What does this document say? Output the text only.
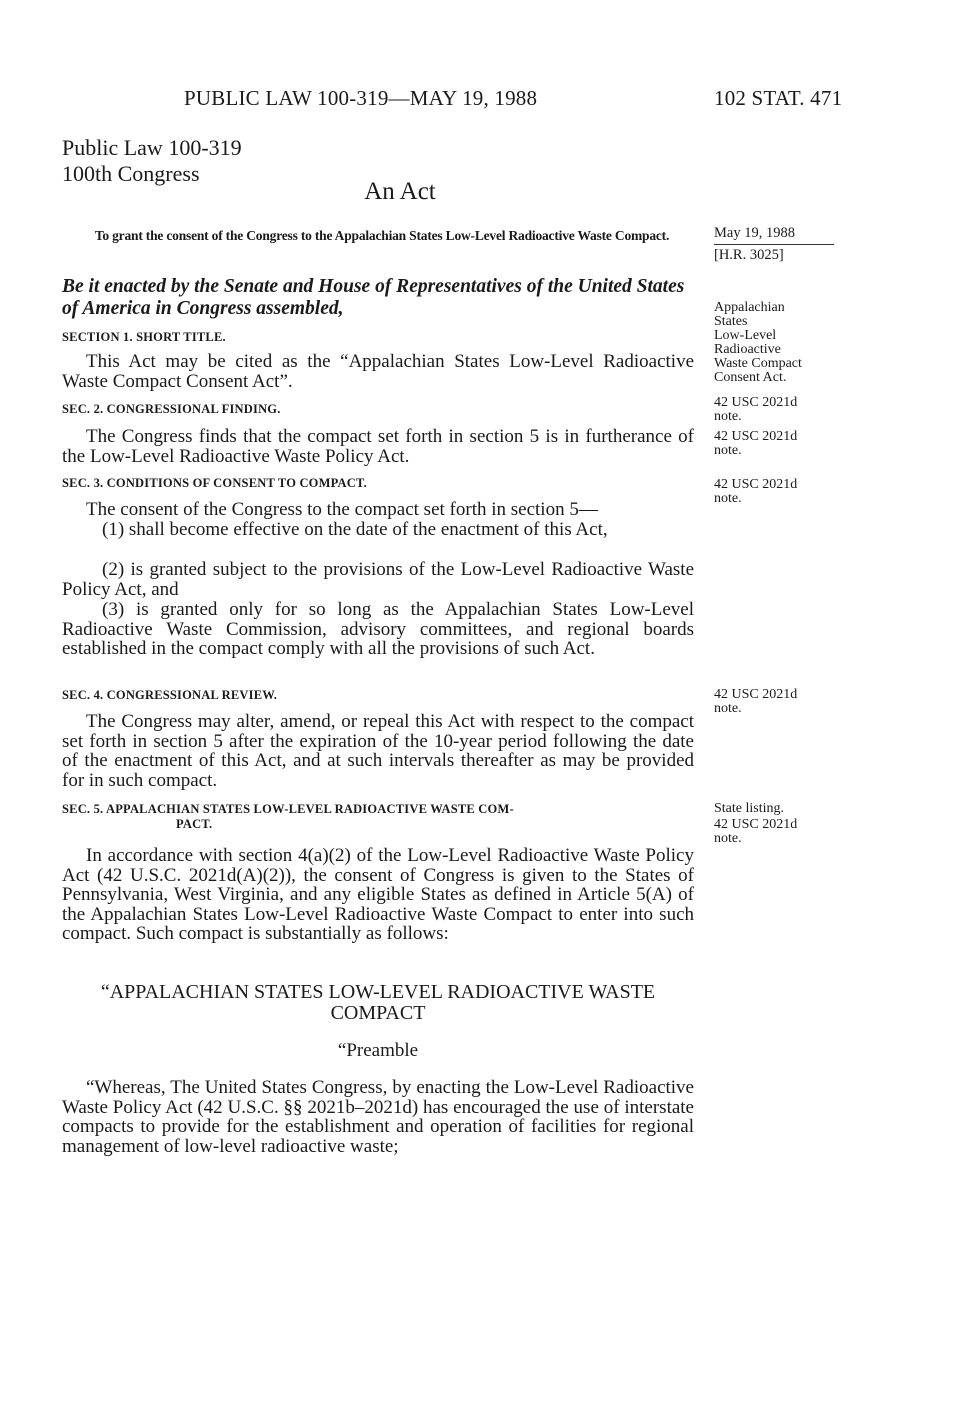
PUBLIC LAW 100-319—MAY 19, 1988	102 STAT. 471
Public Law 100-319
100th Congress
An Act
To grant the consent of the Congress to the Appalachian States Low-Level Radioactive Waste Compact.	May 19, 1988
[H.R. 3025]
Appalachian
States
Low-Level
Radioactive
Waste Compact
Consent Act.
42 USC 2021d
note.
42 USC 2021d
note.
42 USC 2021d
note.
42 USC 2021d
note.
State listing.
42 USC 2021d
note.
Be it enacted by the Senate and House of Representatives of the United States of America in Congress assembled,
SECTION 1. SHORT TITLE.
This Act may be cited as the “Appalachian States Low-Level Radioactive Waste Compact Consent Act”.
SEC. 2. CONGRESSIONAL FINDING.
The Congress finds that the compact set forth in section 5 is in furtherance of the Low-Level Radioactive Waste Policy Act.
SEC. 3. CONDITIONS OF CONSENT TO COMPACT.
The consent of the Congress to the compact set forth in section 5—
(1) shall become effective on the date of the enactment of this Act,
(2) is granted subject to the provisions of the Low-Level Radioactive Waste Policy Act, and
(3) is granted only for so long as the Appalachian States Low-Level Radioactive Waste Commission, advisory committees, and regional boards established in the compact comply with all the provisions of such Act.
SEC. 4. CONGRESSIONAL REVIEW.
The Congress may alter, amend, or repeal this Act with respect to the compact set forth in section 5 after the expiration of the 10-year period following the date of the enactment of this Act, and at such intervals thereafter as may be provided for in such compact.
SEC. 5. APPALACHIAN STATES LOW-LEVEL RADIOACTIVE WASTE COM-
PACT.
In accordance with section 4(a)(2) of the Low-Level Radioactive Waste Policy Act (42 U.S.C. 2021d(A)(2)), the consent of Congress is given to the States of Pennsylvania, West Virginia, and any eligible States as defined in Article 5(A) of the Appalachian States Low-Level Radioactive Waste Compact to enter into such compact. Such compact is substantially as follows:
“APPALACHIAN STATES LOW-LEVEL RADIOACTIVE WASTE
COMPACT
“Preamble
“Whereas, The United States Congress, by enacting the Low-Level Radioactive Waste Policy Act (42 U.S.C. §§ 2021b–2021d) has encouraged the use of interstate compacts to provide for the establishment and operation of facilities for regional management of low-level radioactive waste;
